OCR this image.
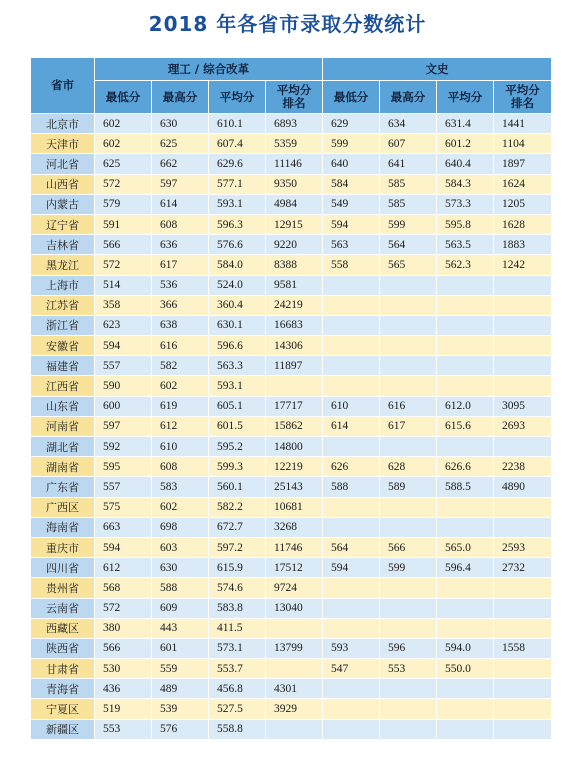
2018 年各省市录取分数统计
省市	理工 / 综合改革				文史			
	最低分	最高分	平均分	平均分排名	最低分	最高分	平均分	平均分排名
北京市	602	630	610.1	6893	629	634	631.4	1441
天津市	602	625	607.4	5359	599	607	601.2	1104
河北省	625	662	629.6	11146	640	641	640.4	1897
山西省	572	597	577.1	9350	584	585	584.3	1624
内蒙古	579	614	593.1	4984	549	585	573.3	1205
辽宁省	591	608	596.3	12915	594	599	595.8	1628
吉林省	566	636	576.6	9220	563	564	563.5	1883
黑龙江	572	617	584.0	8388	558	565	562.3	1242
上海市	514	536	524.0	9581				
江苏省	358	366	360.4	24219				
浙江省	623	638	630.1	16683				
安徽省	594	616	596.6	14306				
福建省	557	582	563.3	11897				
江西省	590	602	593.1					
山东省	600	619	605.1	17717	610	616	612.0	3095
河南省	597	612	601.5	15862	614	617	615.6	2693
湖北省	592	610	595.2	14800				
湖南省	595	608	599.3	12219	626	628	626.6	2238
广东省	557	583	560.1	25143	588	589	588.5	4890
广西区	575	602	582.2	10681				
海南省	663	698	672.7	3268				
重庆市	594	603	597.2	11746	564	566	565.0	2593
四川省	612	630	615.9	17512	594	599	596.4	2732
贵州省	568	588	574.6	9724				
云南省	572	609	583.8	13040				
西藏区	380	443	411.5					
陕西省	566	601	573.1	13799	593	596	594.0	1558
甘肃省	530	559	553.7		547	553	550.0	
青海省	436	489	456.8	4301				
宁夏区	519	539	527.5	3929				
新疆区	553	576	558.8					
